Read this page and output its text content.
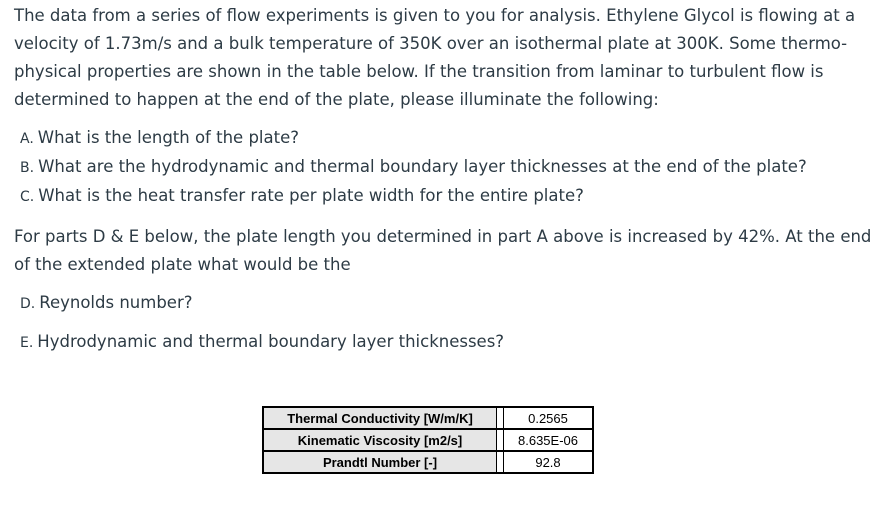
The data from a series of flow experiments is given to you for analysis. Ethylene Glycol is flowing at a velocity of 1.73m/s and a bulk temperature of 350K over an isothermal plate at 300K. Some thermo-physical properties are shown in the table below. If the transition from laminar to turbulent flow is determined to happen at the end of the plate, please illuminate the following:

A. What is the length of the plate?
B. What are the hydrodynamic and thermal boundary layer thicknesses at the end of the plate?
C. What is the heat transfer rate per plate width for the entire plate?

For parts D & E below, the plate length you determined in part A above is increased by 42%. At the end of the extended plate what would be the

D. Reynolds number?
E. Hydrodynamic and thermal boundary layer thicknesses?
Thermal Conductivity [W/m/K]		0.2565
Kinematic Viscosity [m2/s]		8.635E-06
Prandtl Number [-]		92.8
